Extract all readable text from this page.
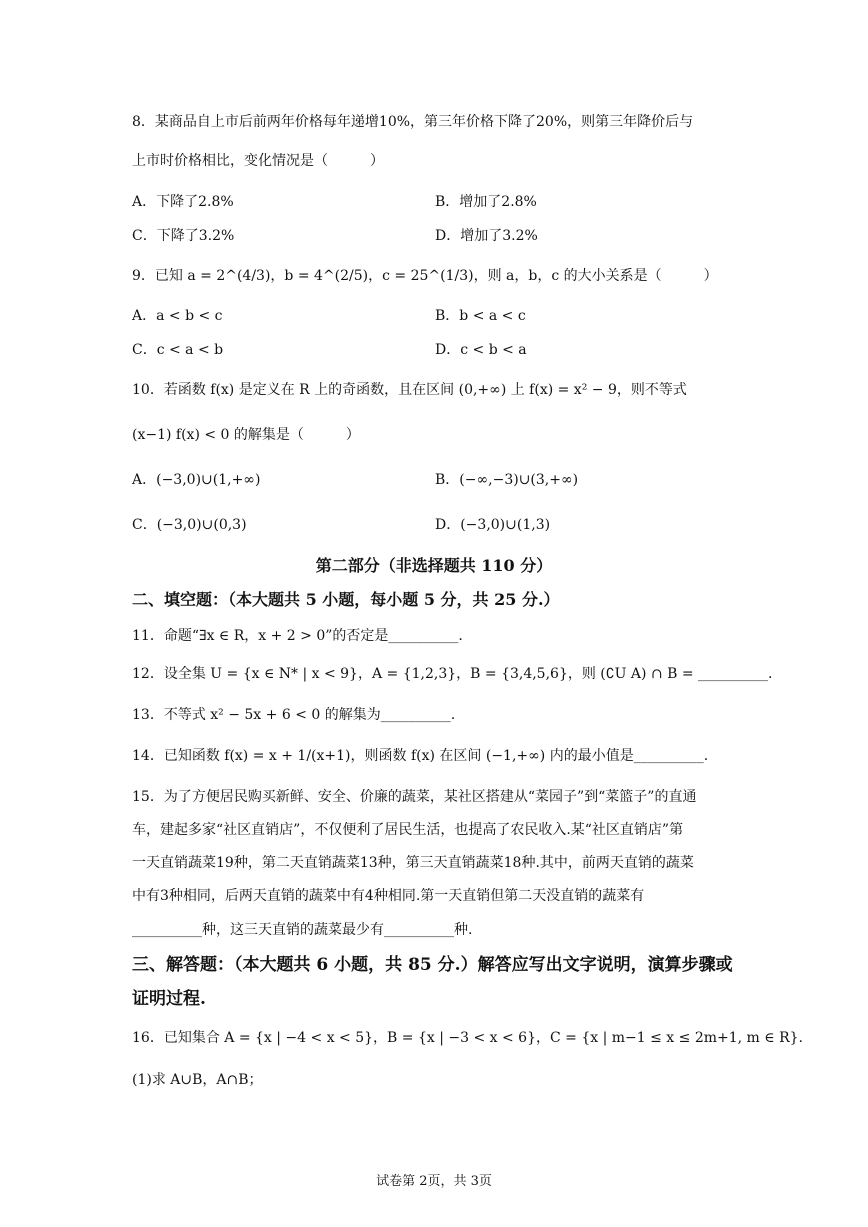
8．某商品自上市后前两年价格每年递增10%，第三年价格下降了20%，则第三年降价后与
上市时价格相比，变化情况是（　　　）
A．下降了2.8%	B．增加了2.8%
C．下降了3.2%	D．增加了3.2%
9．已知 a = 2^(4/3)，b = 4^(2/5)，c = 25^(1/3)，则 a，b，c 的大小关系是（　　　）
A．a < b < c	B．b < a < c
C．c < a < b	D．c < b < a
10．若函数 f(x) 是定义在 R 上的奇函数，且在区间 (0,+∞) 上 f(x) = x² − 9，则不等式
(x−1) f(x) < 0 的解集是（　　　）
A．(−3,0)∪(1,+∞)	B．(−∞,−3)∪(3,+∞)
C．(−3,0)∪(0,3)	D．(−3,0)∪(1,3)
第二部分（非选择题共 110 分）
二、填空题：（本大题共 5 小题，每小题 5 分，共 25 分.）
11．命题“∃x ∈ R，x + 2 > 0”的否定是__________.
12．设全集 U = {x ∈ N* | x < 9}，A = {1,2,3}，B = {3,4,5,6}，则 (∁U A) ∩ B = __________.
13．不等式 x² − 5x + 6 < 0 的解集为__________.
14．已知函数 f(x) = x + 1/(x+1)，则函数 f(x) 在区间 (−1,+∞) 内的最小值是__________.
15．为了方便居民购买新鲜、安全、价廉的蔬菜，某社区搭建从“菜园子”到“菜篮子”的直通
车，建起多家“社区直销店”，不仅便利了居民生活，也提高了农民收入.某“社区直销店”第
一天直销蔬菜19种，第二天直销蔬菜13种，第三天直销蔬菜18种.其中，前两天直销的蔬菜
中有3种相同，后两天直销的蔬菜中有4种相同.第一天直销但第二天没直销的蔬菜有
__________种，这三天直销的蔬菜最少有__________种.
三、解答题：（本大题共 6 小题，共 85 分.）解答应写出文字说明，演算步骤或
证明过程.
16．已知集合 A = {x | −4 < x < 5}，B = {x | −3 < x < 6}，C = {x | m−1 ≤ x ≤ 2m+1, m ∈ R}.
(1)求 A∪B，A∩B；
试卷第 2页，共 3页
